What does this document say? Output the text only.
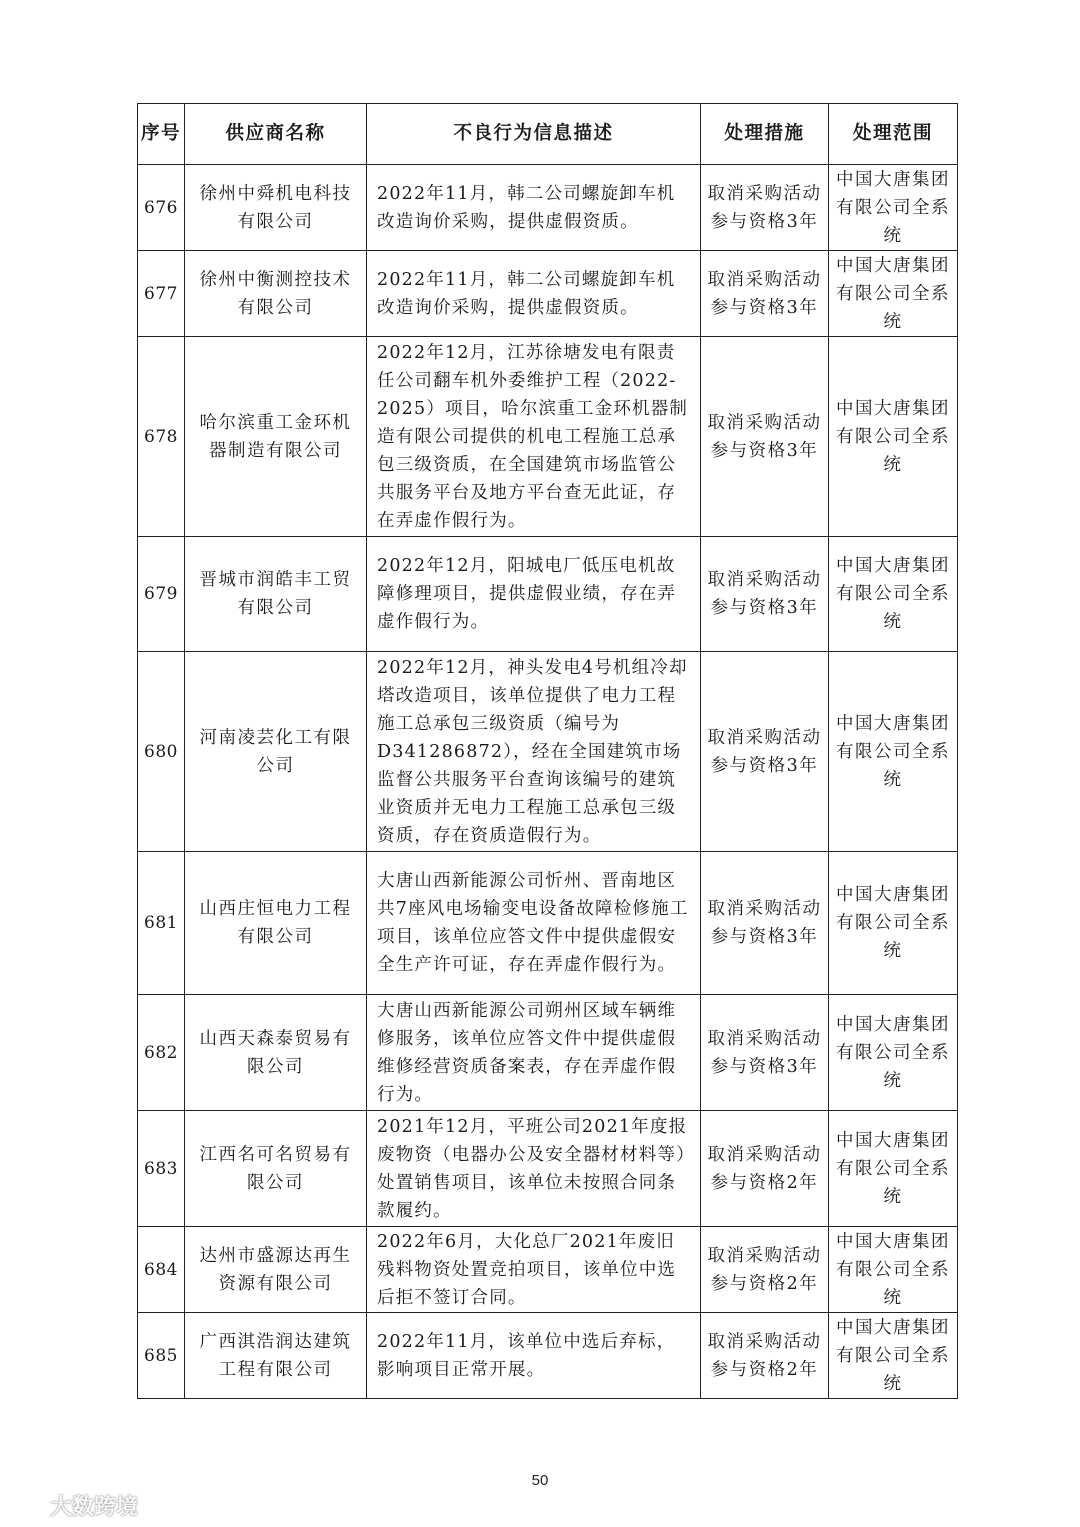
序号	供应商名称	不良行为信息描述	处理措施	处理范围
676	徐州中舜机电科技有限公司	2022年11月，韩二公司螺旋卸车机改造询价采购，提供虚假资质。	取消采购活动参与资格3年	中国大唐集团有限公司全系统
677	徐州中衡测控技术有限公司	2022年11月，韩二公司螺旋卸车机改造询价采购，提供虚假资质。	取消采购活动参与资格3年	中国大唐集团有限公司全系统
678	哈尔滨重工金环机器制造有限公司	2022年12月，江苏徐塘发电有限责任公司翻车机外委维护工程（2022-2025）项目，哈尔滨重工金环机器制造有限公司提供的机电工程施工总承包三级资质，在全国建筑市场监管公共服务平台及地方平台查无此证，存在弄虚作假行为。	取消采购活动参与资格3年	中国大唐集团有限公司全系统
679	晋城市润皓丰工贸有限公司	2022年12月，阳城电厂低压电机故障修理项目，提供虚假业绩，存在弄虚作假行为。	取消采购活动参与资格3年	中国大唐集团有限公司全系统
680	河南凌芸化工有限公司	2022年12月，神头发电4号机组冷却塔改造项目，该单位提供了电力工程施工总承包三级资质（编号为D341286872），经在全国建筑市场监督公共服务平台查询该编号的建筑业资质并无电力工程施工总承包三级资质，存在资质造假行为。	取消采购活动参与资格3年	中国大唐集团有限公司全系统
681	山西庄恒电力工程有限公司	大唐山西新能源公司忻州、晋南地区共7座风电场输变电设备故障检修施工项目，该单位应答文件中提供虚假安全生产许可证，存在弄虚作假行为。	取消采购活动参与资格3年	中国大唐集团有限公司全系统
682	山西天森泰贸易有限公司	大唐山西新能源公司朔州区域车辆维修服务，该单位应答文件中提供虚假维修经营资质备案表，存在弄虚作假行为。	取消采购活动参与资格3年	中国大唐集团有限公司全系统
683	江西名可名贸易有限公司	2021年12月，平班公司2021年度报废物资（电器办公及安全器材材料等）处置销售项目，该单位未按照合同条款履约。	取消采购活动参与资格2年	中国大唐集团有限公司全系统
684	达州市盛源达再生资源有限公司	2022年6月，大化总厂2021年废旧残料物资处置竞拍项目，该单位中选后拒不签订合同。	取消采购活动参与资格2年	中国大唐集团有限公司全系统
685	广西淇浩润达建筑工程有限公司	2022年11月，该单位中选后弃标，影响项目正常开展。	取消采购活动参与资格2年	中国大唐集团有限公司全系统
50
大数跨境
